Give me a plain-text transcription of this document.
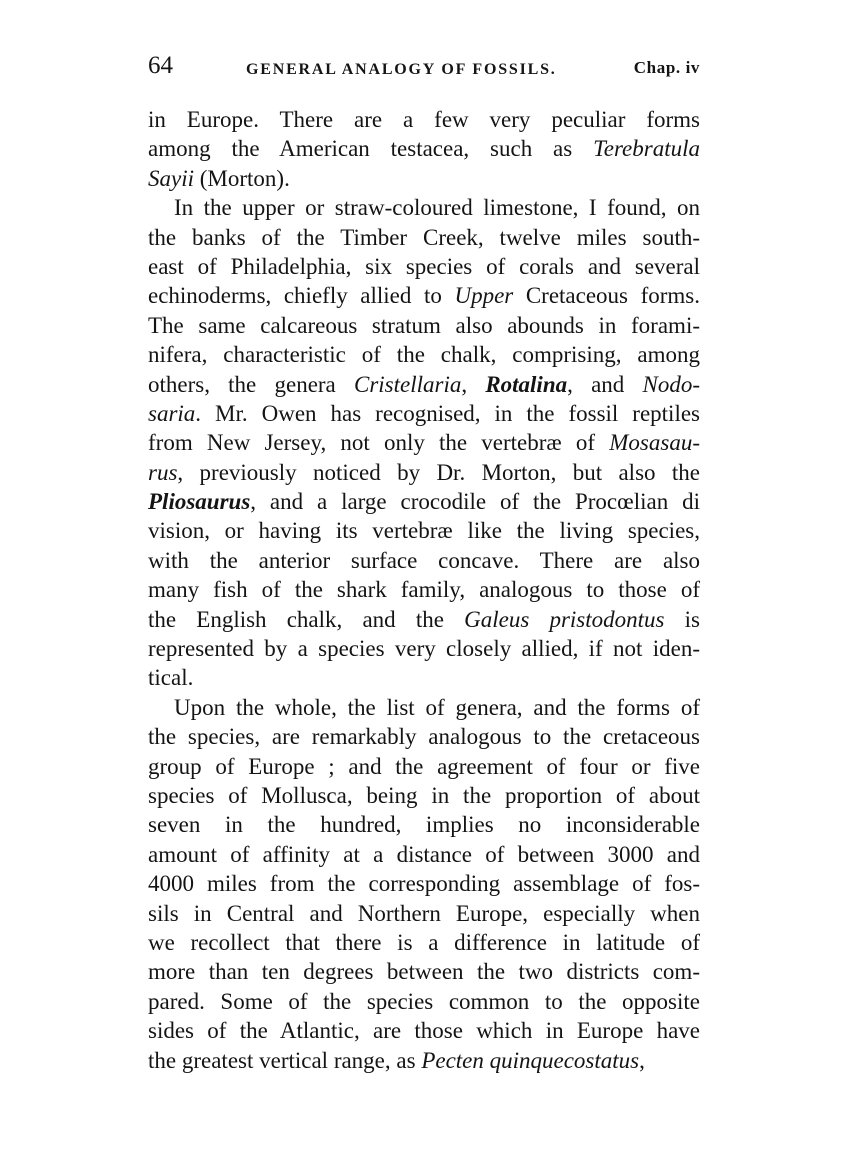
64	GENERAL ANALOGY OF FOSSILS.	Chap. iv
in Europe. There are a few very peculiar forms
among the American testacea, such as Terebratula
Sayii (Morton).
In the upper or straw-coloured limestone, I found, on
the banks of the Timber Creek, twelve miles south-
east of Philadelphia, six species of corals and several
echinoderms, chiefly allied to Upper Cretaceous forms.
The same calcareous stratum also abounds in forami-
nifera, characteristic of the chalk, comprising, among
others, the genera Cristellaria, Rotalina, and Nodo-
saria. Mr. Owen has recognised, in the fossil reptiles
from New Jersey, not only the vertebræ of Mosasau-
rus, previously noticed by Dr. Morton, but also the
Pliosaurus, and a large crocodile of the Procœlian di
vision, or having its vertebræ like the living species,
with the anterior surface concave. There are also
many fish of the shark family, analogous to those of
the English chalk, and the Galeus pristodontus is
represented by a species very closely allied, if not iden-
tical.
Upon the whole, the list of genera, and the forms of
the species, are remarkably analogous to the cretaceous
group of Europe ; and the agreement of four or five
species of Mollusca, being in the proportion of about
seven in the hundred, implies no inconsiderable
amount of affinity at a distance of between 3000 and
4000 miles from the corresponding assemblage of fos-
sils in Central and Northern Europe, especially when
we recollect that there is a difference in latitude of
more than ten degrees between the two districts com-
pared. Some of the species common to the opposite
sides of the Atlantic, are those which in Europe have
the greatest vertical range, as Pecten quinquecostatus,
